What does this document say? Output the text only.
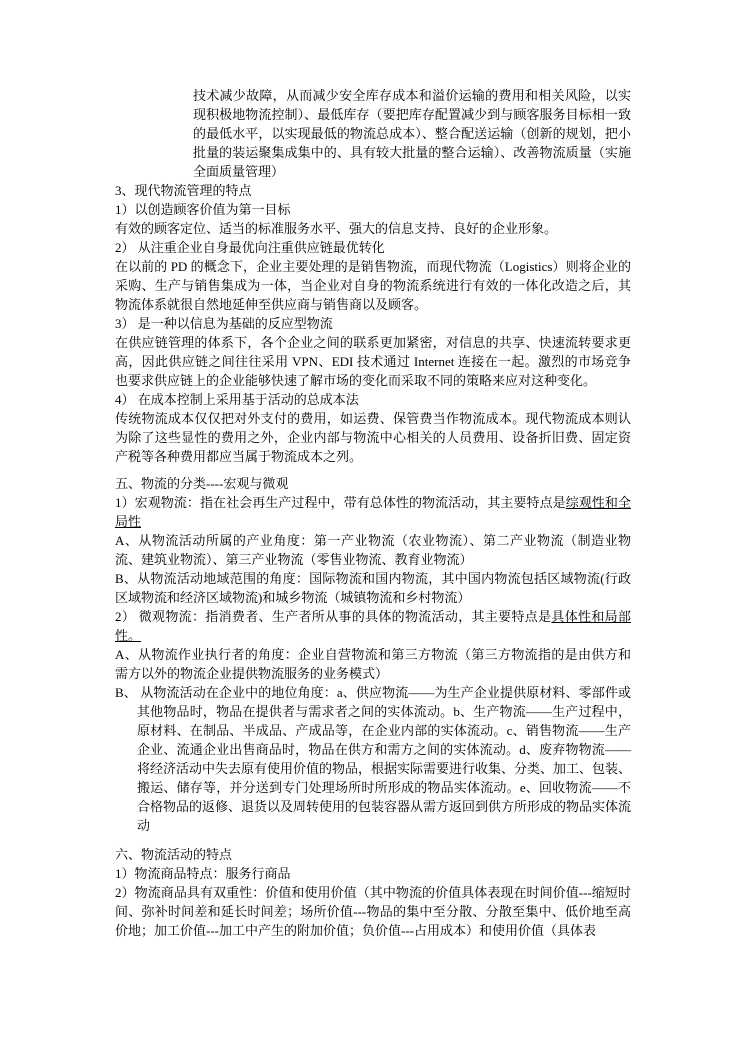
技术减少故障，从而减少安全库存成本和溢价运输的费用和相关风险，以实现积极地物流控制）、最低库存（要把库存配置减少到与顾客服务目标相一致的最低水平，以实现最低的物流总成本）、整合配送运输（创新的规划，把小批量的装运聚集成集中的、具有较大批量的整合运输）、改善物流质量（实施全面质量管理）

3、现代物流管理的特点

1）以创造顾客价值为第一目标

有效的顾客定位、适当的标准服务水平、强大的信息支持、良好的企业形象。

2） 从注重企业自身最优向注重供应链最优转化

在以前的 PD 的概念下，企业主要处理的是销售物流，而现代物流（Logistics）则将企业的采购、生产与销售集成为一体，当企业对自身的物流系统进行有效的一体化改造之后，其物流体系就很自然地延伸至供应商与销售商以及顾客。

3） 是一种以信息为基础的反应型物流

在供应链管理的体系下，各个企业之间的联系更加紧密，对信息的共享、快速流转要求更高，因此供应链之间往往采用 VPN、EDI 技术通过 Internet 连接在一起。激烈的市场竞争也要求供应链上的企业能够快速了解市场的变化而采取不同的策略来应对这种变化。

4） 在成本控制上采用基于活动的总成本法

传统物流成本仅仅把对外支付的费用，如运费、保管费当作物流成本。现代物流成本则认为除了这些显性的费用之外，企业内部与物流中心相关的人员费用、设备折旧费、固定资产税等各种费用都应当属于物流成本之列。

五、物流的分类----宏观与微观

1）宏观物流：指在社会再生产过程中，带有总体性的物流活动，其主要特点是综观性和全局性

A、从物流活动所属的产业角度：第一产业物流（农业物流）、第二产业物流（制造业物流、建筑业物流）、第三产业物流（零售业物流、教育业物流）

B、从物流活动地域范围的角度：国际物流和国内物流，其中国内物流包括区域物流(行政区域物流和经济区域物流)和城乡物流（城镇物流和乡村物流）

2） 微观物流：指消费者、生产者所从事的具体的物流活动，其主要特点是具体性和局部性。

A、从物流作业执行者的角度：企业自营物流和第三方物流（第三方物流指的是由供方和需方以外的物流企业提供物流服务的业务模式）

B、 从物流活动在企业中的地位角度：a、供应物流——为生产企业提供原材料、零部件或其他物品时，物品在提供者与需求者之间的实体流动。b、生产物流——生产过程中，原材料、在制品、半成品、产成品等，在企业内部的实体流动。c、销售物流——生产企业、流通企业出售商品时，物品在供方和需方之间的实体流动。d、废弃物物流——将经济活动中失去原有使用价值的物品，根据实际需要进行收集、分类、加工、包装、搬运、储存等，并分送到专门处理场所时所形成的物品实体流动。e、回收物流——不合格物品的返修、退货以及周转使用的包装容器从需方返回到供方所形成的物品实体流动

六、物流活动的特点

1）物流商品特点：服务行商品

2）物流商品具有双重性：价值和使用价值（其中物流的价值具体表现在时间价值---缩短时间、弥补时间差和延长时间差；场所价值---物品的集中至分散、分散至集中、低价地至高价地；加工价值---加工中产生的附加价值；负价值---占用成本）和使用价值（具体表
